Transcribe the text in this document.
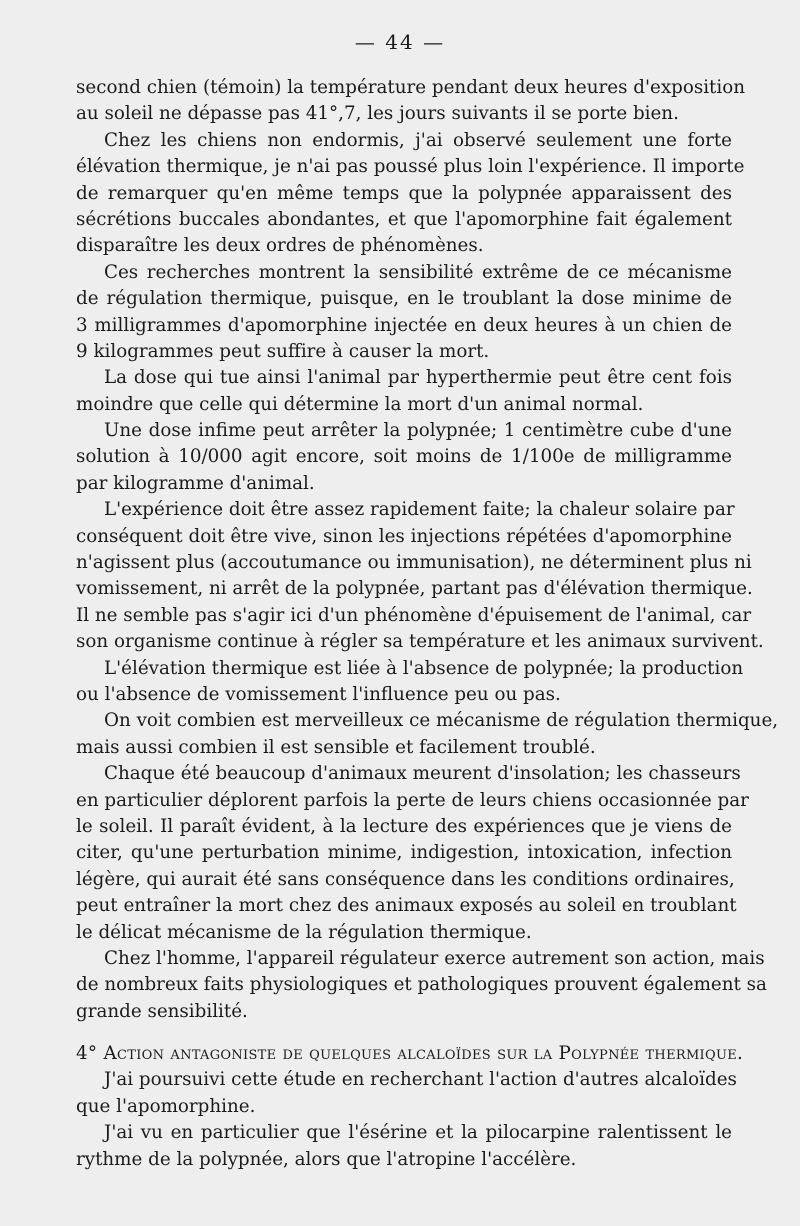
— 44 —

second chien (témoin) la température pendant deux heures d'exposition
au soleil ne dépasse pas 41°,7, les jours suivants il se porte bien.

Chez les chiens non endormis, j'ai observé seulement une forte
élévation thermique, je n'ai pas poussé plus loin l'expérience. Il importe
de remarquer qu'en même temps que la polypnée apparaissent des
sécrétions buccales abondantes, et que l'apomorphine fait également
disparaître les deux ordres de phénomènes.

Ces recherches montrent la sensibilité extrême de ce mécanisme
de régulation thermique, puisque, en le troublant la dose minime de
3 milligrammes d'apomorphine injectée en deux heures à un chien de
9 kilogrammes peut suffire à causer la mort.

La dose qui tue ainsi l'animal par hyperthermie peut être cent fois
moindre que celle qui détermine la mort d'un animal normal.

Une dose infime peut arrêter la polypnée; 1 centimètre cube d'une
solution à 10/000 agit encore, soit moins de 1/100e de milligramme
par kilogramme d'animal.

L'expérience doit être assez rapidement faite; la chaleur solaire par
conséquent doit être vive, sinon les injections répétées d'apomorphine
n'agissent plus (accoutumance ou immunisation), ne déterminent plus ni
vomissement, ni arrêt de la polypnée, partant pas d'élévation thermique.
Il ne semble pas s'agir ici d'un phénomène d'épuisement de l'animal, car
son organisme continue à régler sa température et les animaux survivent.

L'élévation thermique est liée à l'absence de polypnée; la production
ou l'absence de vomissement l'influence peu ou pas.

On voit combien est merveilleux ce mécanisme de régulation thermique,
mais aussi combien il est sensible et facilement troublé.

Chaque été beaucoup d'animaux meurent d'insolation; les chasseurs
en particulier déplorent parfois la perte de leurs chiens occasionnée par
le soleil. Il paraît évident, à la lecture des expériences que je viens de
citer, qu'une perturbation minime, indigestion, intoxication, infection
légère, qui aurait été sans conséquence dans les conditions ordinaires,
peut entraîner la mort chez des animaux exposés au soleil en troublant
le délicat mécanisme de la régulation thermique.

Chez l'homme, l'appareil régulateur exerce autrement son action, mais
de nombreux faits physiologiques et pathologiques prouvent également sa
grande sensibilité.

4° Action antagoniste de quelques alcaloïdes sur la Polypnée thermique.

J'ai poursuivi cette étude en recherchant l'action d'autres alcaloïdes
que l'apomorphine.

J'ai vu en particulier que l'ésérine et la pilocarpine ralentissent le
rythme de la polypnée, alors que l'atropine l'accélère.
